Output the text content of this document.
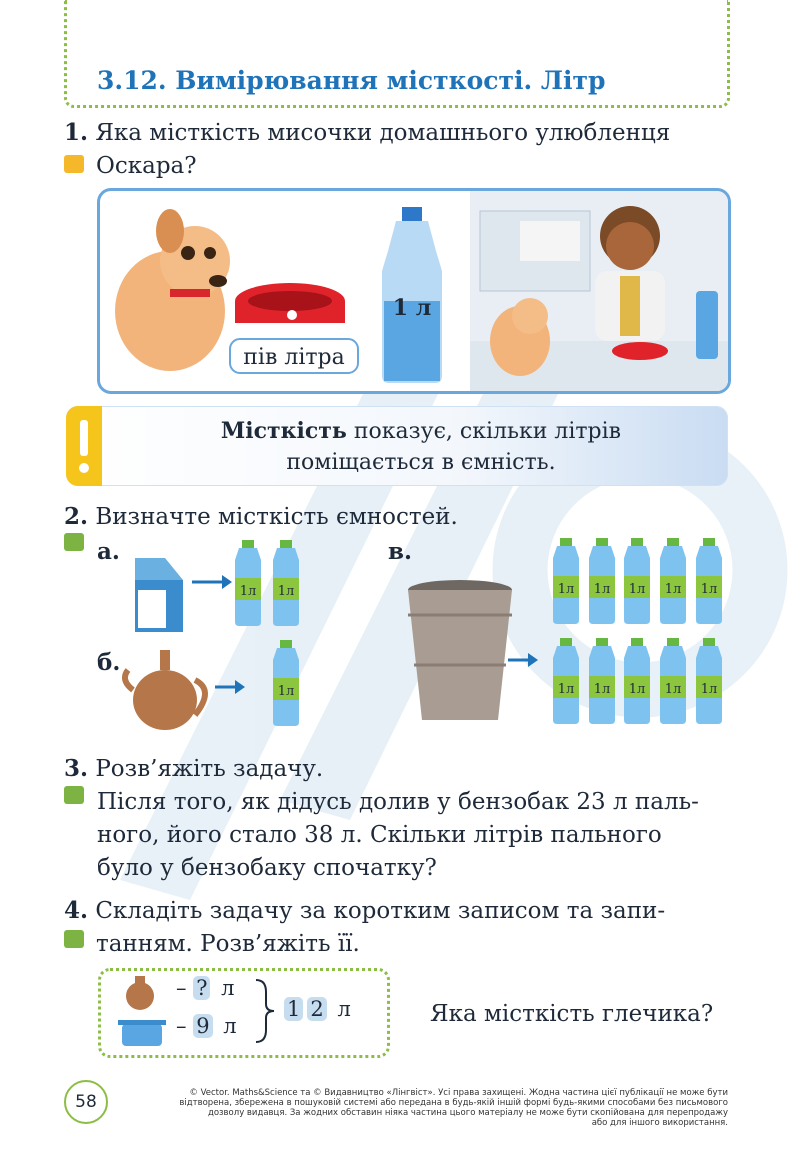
3.12. Вимірювання місткості. Літр
1. Яка місткість мисочки домашнього улюбленця
Оскара?
пів літра
1 л
Місткість показує, скільки літрів
поміщається в ємність.
2. Визначте місткість ємностей.
а.
б.
в.
1л 1л
1л
1л 1л 1л 1л 1л
1л 1л 1л 1л 1л
3. Розв’яжіть задачу.
Після того, як дідусь долив у бензобак 23 л паль-
ного, його стало 38 л. Скільки літрів пального
було у бензобаку спочатку?
4. Складіть задачу за коротким записом та запи-
танням. Розв’яжіть її.
– ? л
– 9 л
1 2 л	Яка місткість глечика?
58	© Vector. Maths&Science та © Видавництво «Лінгвіст». Усі права захищені. Жодна частина цієї публікації не може бути
відтворена, збережена в пошуковій системі або передана в будь-якій іншій формі будь-якими способами без письмового
дозволу видавця. За жодних обставин ніяка частина цього матеріалу не може бути скопійована для перепродажу
або для іншого використання.
